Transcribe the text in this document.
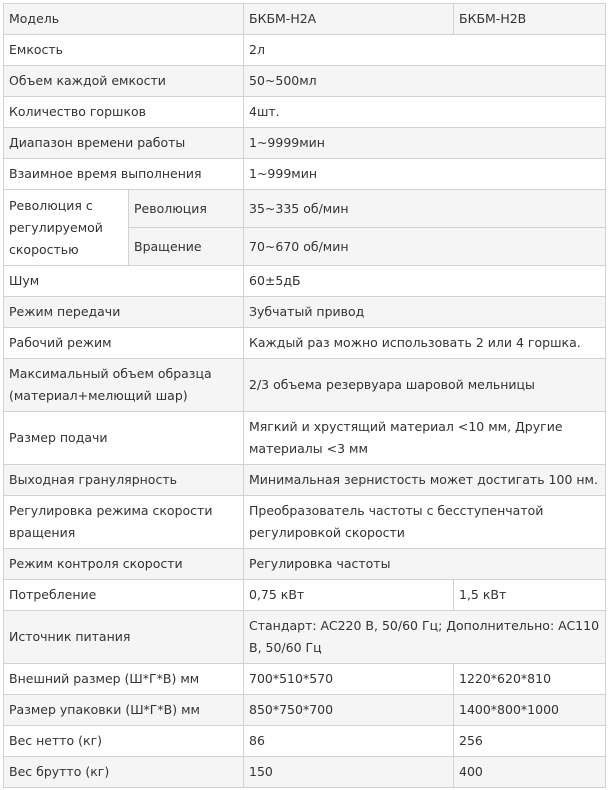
Модель		БКБМ-H2A	БКБМ-H2B
Емкость		2л	
Объем каждой емкости		50~500мл	
Количество горшков		4шт.	
Диапазон времени работы		1~9999мин	
Взаимное время выполнения		1~999мин	
Революция с регулируемой скоростью	Революция	35~335 об/мин	
	Вращение	70~670 об/мин	
Шум		60±5дБ	
Режим передачи		Зубчатый привод	
Рабочий режим		Каждый раз можно использовать 2 или 4 горшка.	
Максимальный объем образца (материал+мелющий шар)		2/3 объема резервуара шаровой мельницы	
Размер подачи		Мягкий и хрустящий материал <10 мм, Другие материалы <3 мм	
Выходная гранулярность		Минимальная зернистость может достигать 100 нм.	
Регулировка режима скорости вращения		Преобразователь частоты с бесступенчатой регулировкой скорости	
Режим контроля скорости		Регулировка частоты	
Потребление		0,75 кВт	1,5 кВт
Источник питания		Стандарт: AC220 В, 50/60 Гц; Дополнительно: AC110 В, 50/60 Гц	
Внешний размер (Ш*Г*В) мм		700*510*570	1220*620*810
Размер упаковки (Ш*Г*В) мм		850*750*700	1400*800*1000
Вес нетто (кг)		86	256
Вес брутто (кг)		150	400
